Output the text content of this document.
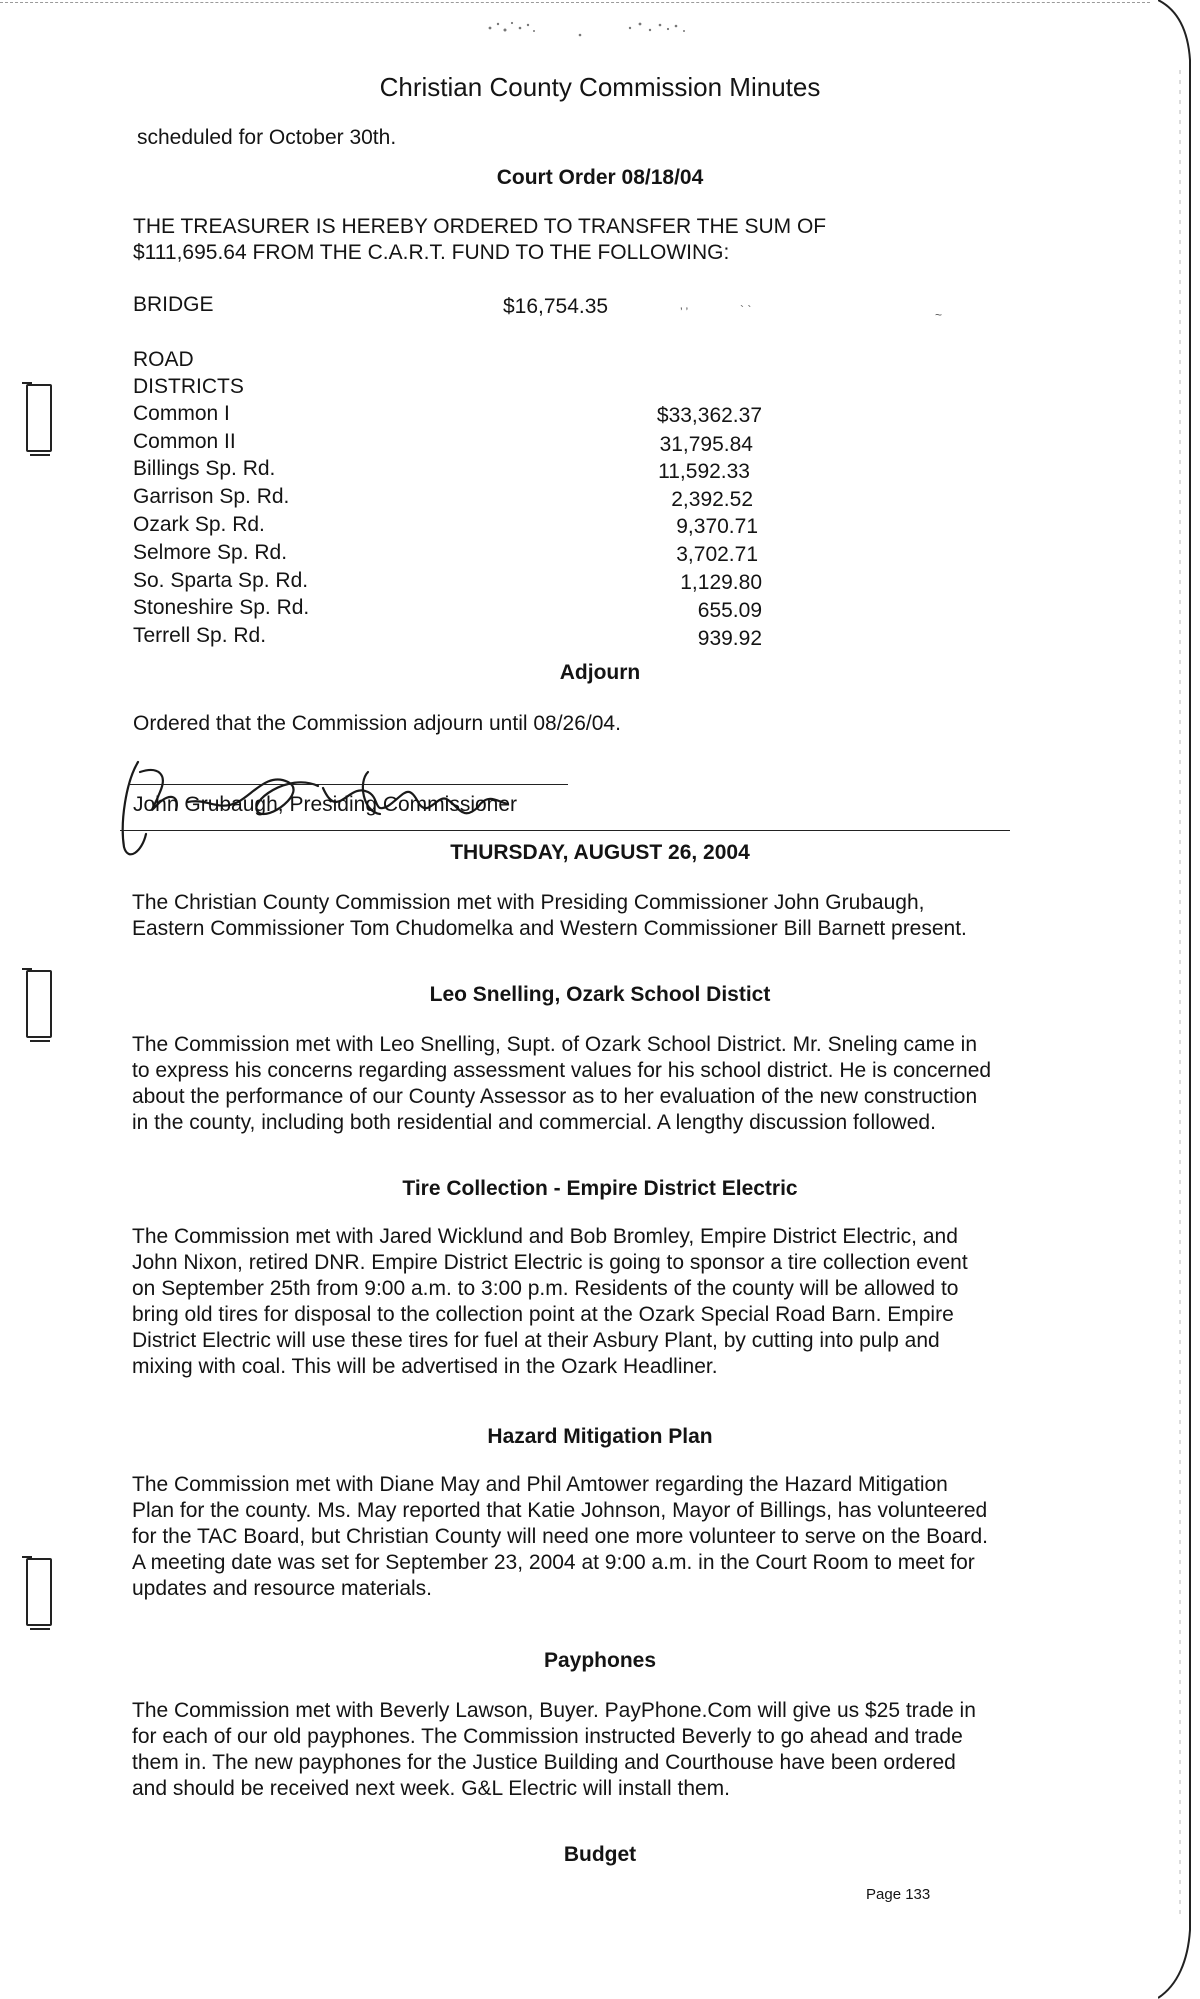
Christian County Commission Minutes
scheduled for October 30th.
Court Order 08/18/04
THE TREASURER IS HEREBY ORDERED TO TRANSFER THE SUM OF
$111,695.64 FROM THE C.A.R.T. FUND TO THE FOLLOWING:
BRIDGE	$16,754.35
ROAD
DISTRICTS
Common I	$33,362.37
Common II	31,795.84
Billings Sp. Rd.	11,592.33
Garrison Sp. Rd.	2,392.52
Ozark Sp. Rd.	9,370.71
Selmore Sp. Rd.	3,702.71
So. Sparta Sp. Rd.	1,129.80
Stoneshire Sp. Rd.	655.09
Terrell Sp. Rd.	939.92
’ ’	` `	~
Adjourn
Ordered that the Commission adjourn until 08/26/04.
John Grubaugh, Presiding Commissioner
THURSDAY, AUGUST 26, 2004

The Christian County Commission met with Presiding Commissioner John Grubaugh, Eastern Commissioner Tom Chudomelka and Western Commissioner Bill Barnett present.

Leo Snelling, Ozark School Distict

The Commission met with Leo Snelling, Supt. of Ozark School District. Mr. Sneling came in to express his concerns regarding assessment values for his school district. He is concerned about the performance of our County Assessor as to her evaluation of the new construction in the county, including both residential and commercial. A lengthy discussion followed.

Tire Collection - Empire District Electric

The Commission met with Jared Wicklund and Bob Bromley, Empire District Electric, and John Nixon, retired DNR. Empire District Electric is going to sponsor a tire collection event on September 25th from 9:00 a.m. to 3:00 p.m. Residents of the county will be allowed to bring old tires for disposal to the collection point at the Ozark Special Road Barn. Empire District Electric will use these tires for fuel at their Asbury Plant, by cutting into pulp and mixing with coal. This will be advertised in the Ozark Headliner.

Hazard Mitigation Plan

The Commission met with Diane May and Phil Amtower regarding the Hazard Mitigation Plan for the county. Ms. May reported that Katie Johnson, Mayor of Billings, has volunteered for the TAC Board, but Christian County will need one more volunteer to serve on the Board. A meeting date was set for September 23, 2004 at 9:00 a.m. in the Court Room to meet for updates and resource materials.

Payphones

The Commission met with Beverly Lawson, Buyer. PayPhone.Com will give us $25 trade in for each of our old payphones. The Commission instructed Beverly to go ahead and trade them in. The new payphones for the Justice Building and Courthouse have been ordered and should be received next week. G&L Electric will install them.

Budget
Page 133
